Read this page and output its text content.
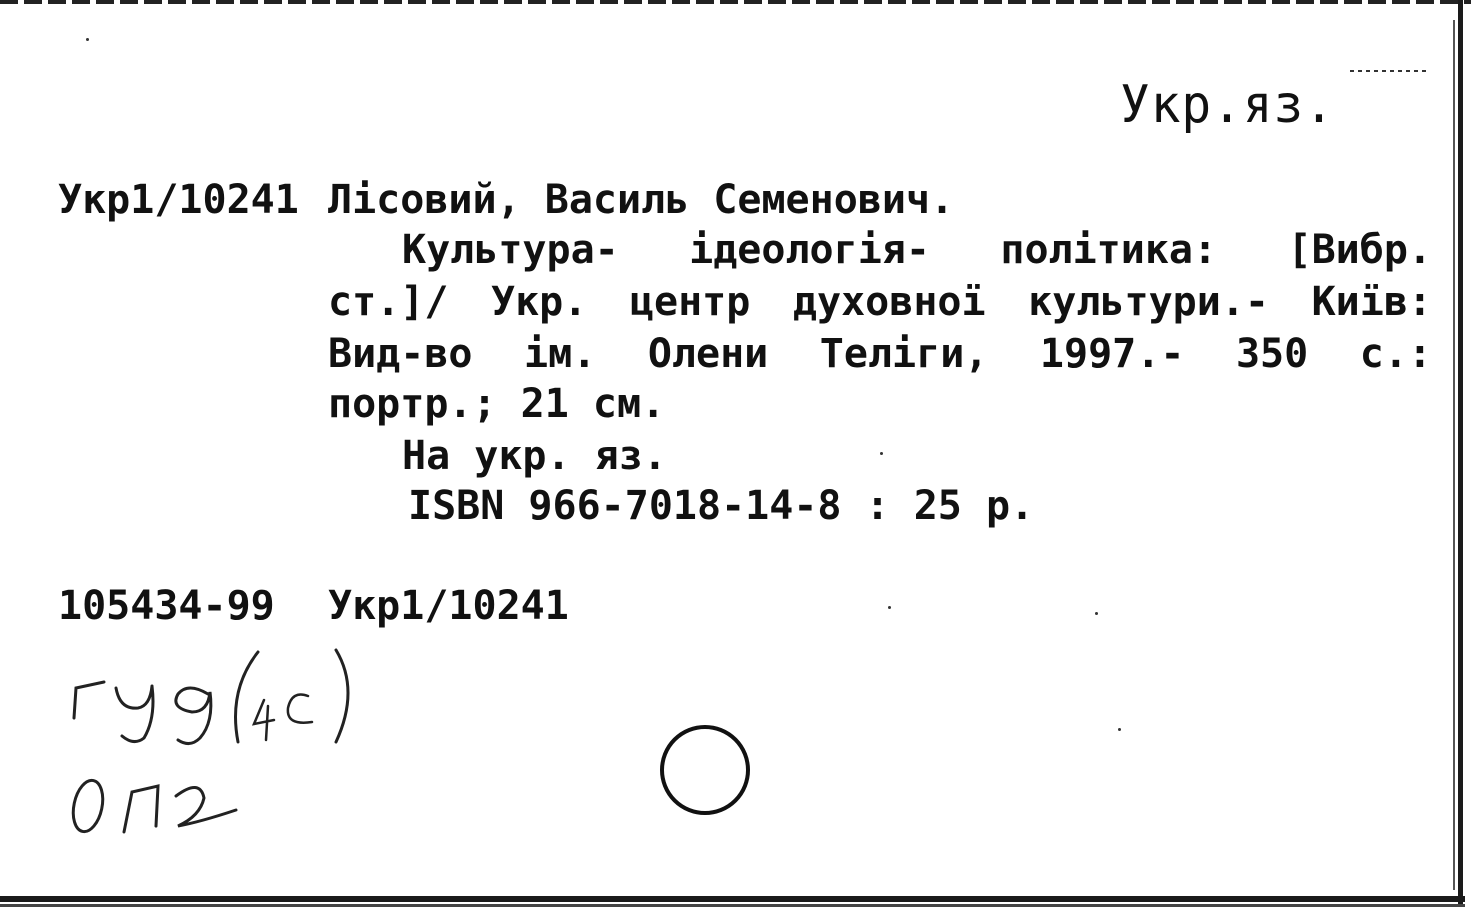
Укр.яз.
Укр1/10241 Лісовий, Василь Семенович.
Культура- ідеологія- політика: [Вибр.
ст.]/ Укр. центр духовної культури.- Київ:
Вид-во ім. Олени Теліги, 1997.- 350 с.:
портр.; 21 см.
На укр. яз.
ISBN 966-7018-14-8 : 25 р.
105434-99 Укр1/10241
